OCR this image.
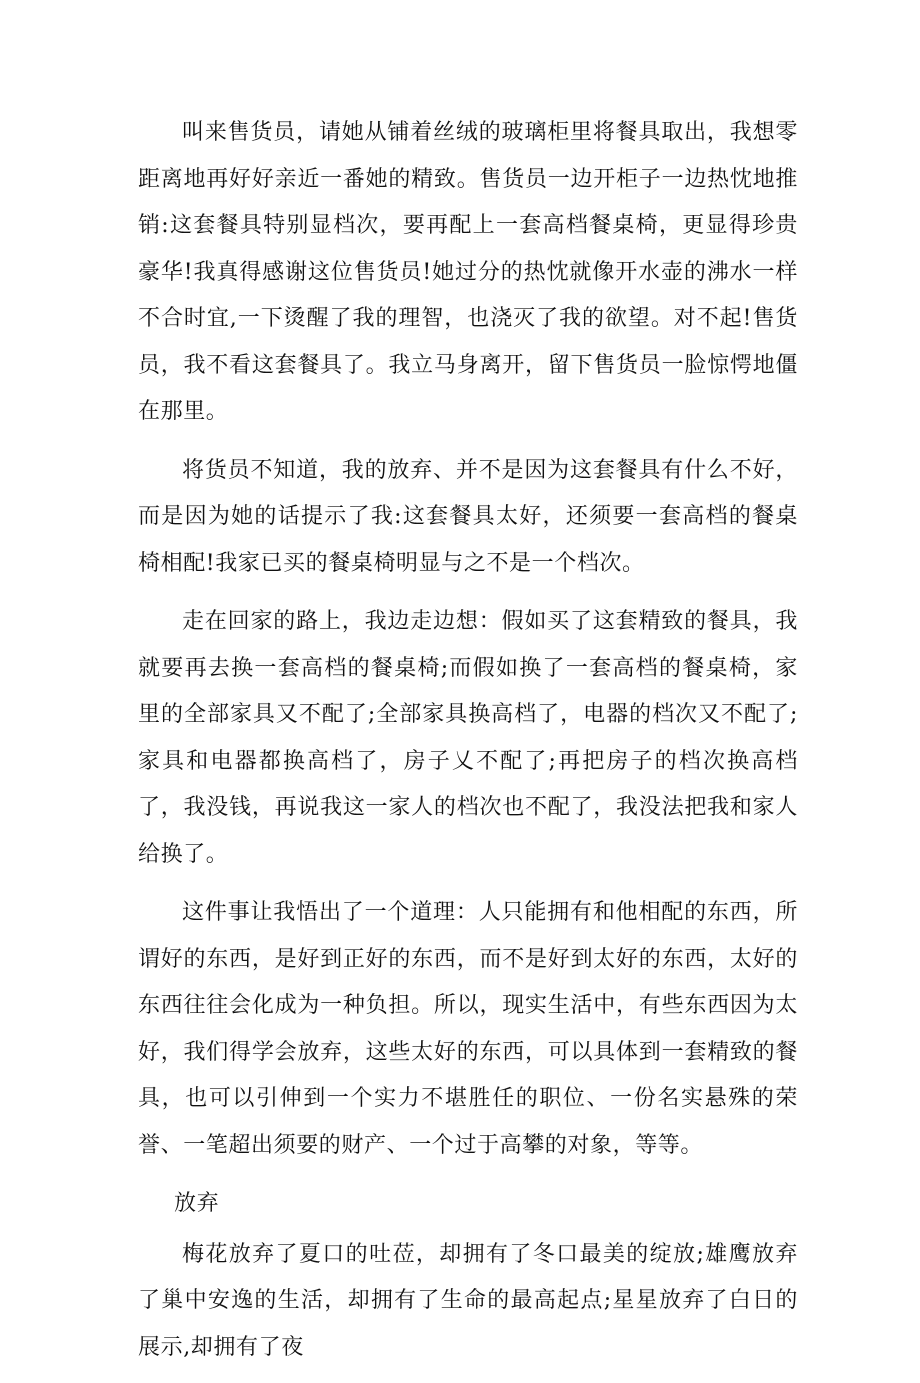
叫来售货员，请她从铺着丝绒的玻璃柜里将餐具取出，我想零距离地再好好亲近一番她的精致。售货员一边开柜子一边热忱地推销:这套餐具特别显档次，要再配上一套高档餐桌椅，更显得珍贵豪华!我真得感谢这位售货员!她过分的热忱就像开水壶的沸水一样不合时宜,一下烫醒了我的理智，也浇灭了我的欲望。对不起!售货员，我不看这套餐具了。我立马身离开，留下售货员一脸惊愕地僵在那里。

将货员不知道，我的放弃、并不是因为这套餐具有什么不好，而是因为她的话提示了我:这套餐具太好，还须要一套高档的餐桌椅相配!我家已买的餐桌椅明显与之不是一个档次。

走在回家的路上，我边走边想：假如买了这套精致的餐具，我就要再去换一套高档的餐桌椅;而假如换了一套高档的餐桌椅，家里的全部家具又不配了;全部家具换高档了，电器的档次又不配了;家具和电器都换高档了，房子乂不配了;再把房子的档次换高档了，我没钱，再说我这一家人的档次也不配了，我没法把我和家人给换了。

这件事让我悟出了一个道理：人只能拥有和他相配的东西，所谓好的东西，是好到正好的东西，而不是好到太好的东西，太好的东西往往会化成为一种负担。所以，现实生活中，有些东西因为太好，我们得学会放弃，这些太好的东西，可以具体到一套精致的餐具，也可以引伸到一个实力不堪胜任的职位、一份名实悬殊的荣誉、一笔超出须要的财产、一个过于高攀的对象，等等。

放弃

梅花放弃了夏口的吐莅，却拥有了冬口最美的绽放;雄鹰放弃了巢中安逸的生活，却拥有了生命的最高起点;星星放弃了白日的展示,却拥有了夜
